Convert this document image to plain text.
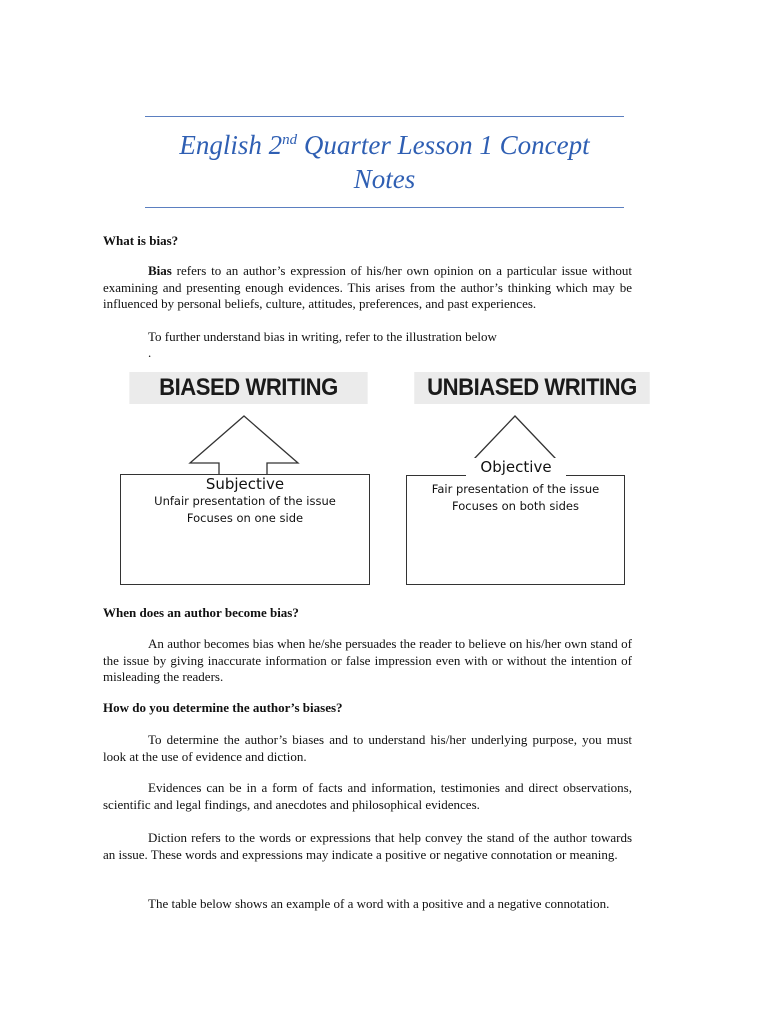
English 2nd Quarter Lesson 1 Concept
Notes
What is bias?

Bias refers to an author’s expression of his/her own opinion on a particular issue without examining and presenting enough evidences. This arises from the author’s thinking which may be influenced by personal beliefs, culture, attitudes, preferences, and past experiences.

To further understand bias in writing, refer to the illustration below
.
BIASED WRITING
Subjective
Unfair presentation of the issue
Focuses on one side
UNBIASED WRITING
Fair presentation of the issue
Focuses on both sides
Objective
When does an author become bias?

An author becomes bias when he/she persuades the reader to believe on his/her own stand of the issue by giving inaccurate information or false impression even with or without the intention of misleading the readers.

How do you determine the author’s biases?

To determine the author’s biases and to understand his/her underlying purpose, you must look at the use of evidence and diction.

Evidences can be in a form of facts and information, testimonies and direct observations, scientific and legal findings, and anecdotes and philosophical evidences.

Diction refers to the words or expressions that help convey the stand of the author towards an issue. These words and expressions may indicate a positive or negative connotation or meaning.

The table below shows an example of a word with a positive and a negative connotation.
